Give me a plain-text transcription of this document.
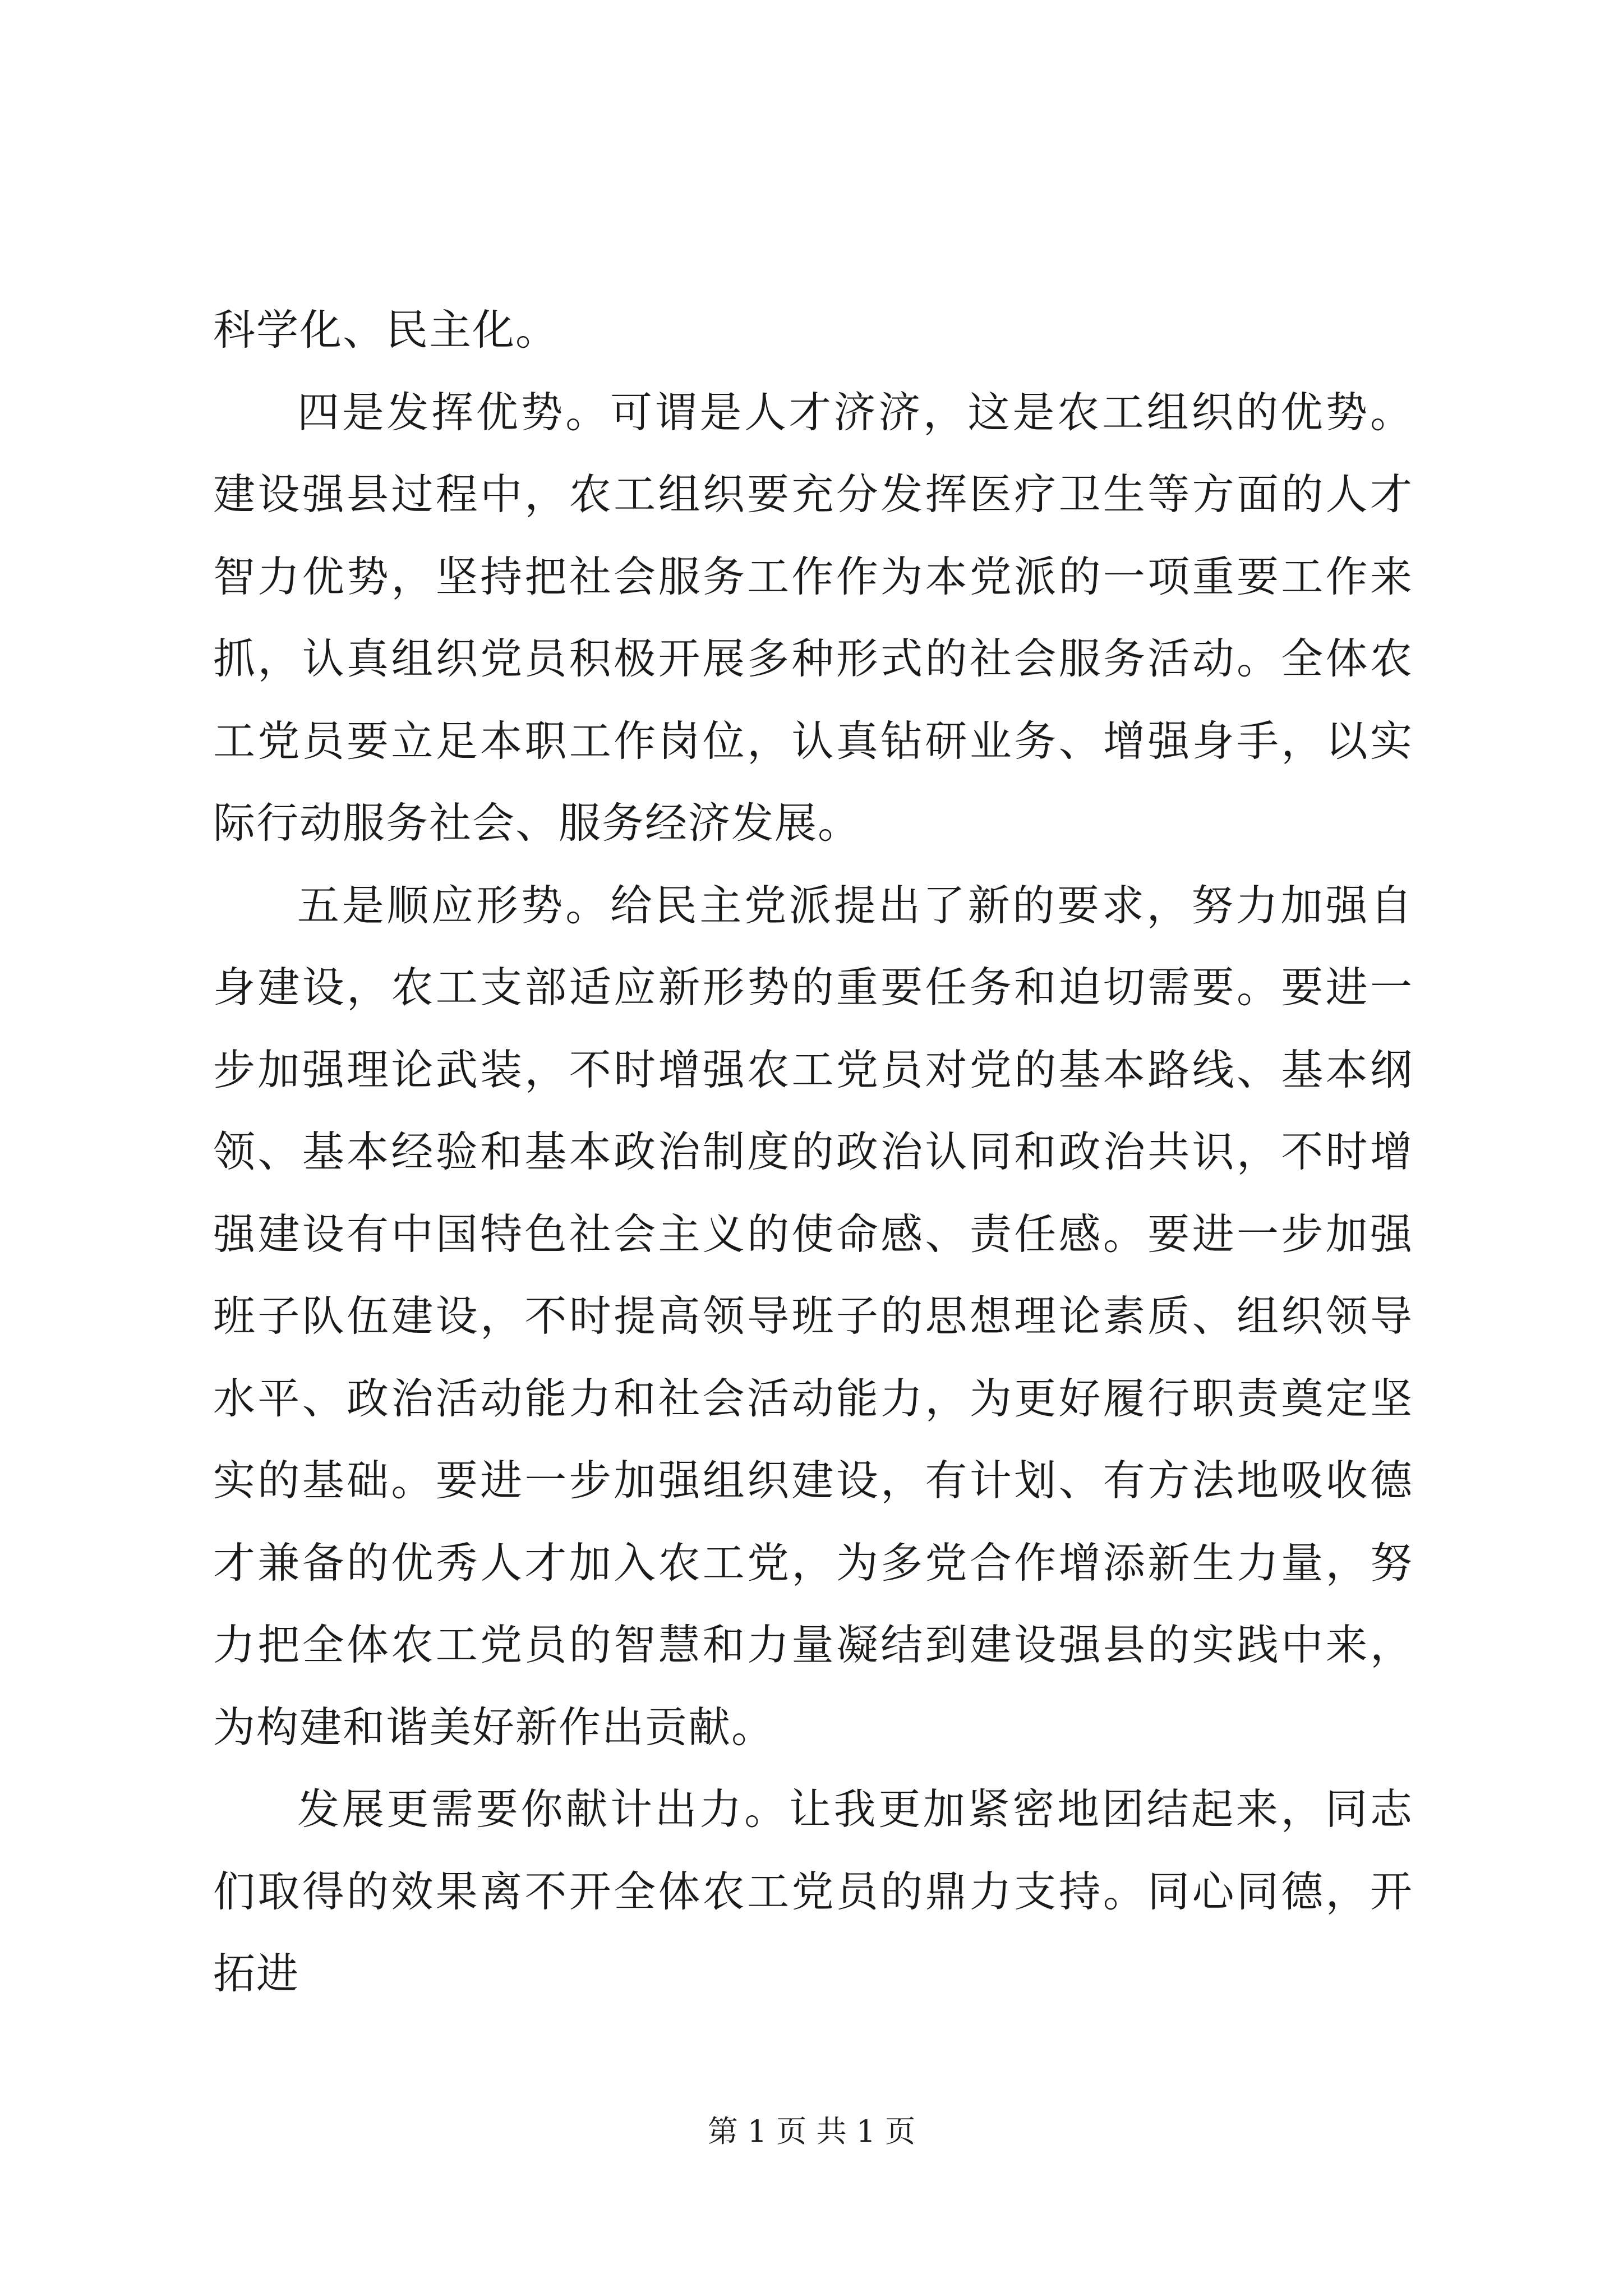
科学化、民主化。

四是发挥优势。可谓是人才济济，这是农工组织的优势。建设强县过程中，农工组织要充分发挥医疗卫生等方面的人才智力优势，坚持把社会服务工作作为本党派的一项重要工作来抓，认真组织党员积极开展多种形式的社会服务活动。全体农工党员要立足本职工作岗位，认真钻研业务、增强身手，以实际行动服务社会、服务经济发展。

五是顺应形势。给民主党派提出了新的要求，努力加强自身建设，农工支部适应新形势的重要任务和迫切需要。要进一步加强理论武装，不时增强农工党员对党的基本路线、基本纲领、基本经验和基本政治制度的政治认同和政治共识，不时增强建设有中国特色社会主义的使命感、责任感。要进一步加强班子队伍建设，不时提高领导班子的思想理论素质、组织领导水平、政治活动能力和社会活动能力，为更好履行职责奠定坚实的基础。要进一步加强组织建设，有计划、有方法地吸收德才兼备的优秀人才加入农工党，为多党合作增添新生力量，努力把全体农工党员的智慧和力量凝结到建设强县的实践中来，为构建和谐美好新作出贡献。

发展更需要你献计出力。让我更加紧密地团结起来，同志们取得的效果离不开全体农工党员的鼎力支持。同心同德，开拓进

第 1 页 共 1 页
